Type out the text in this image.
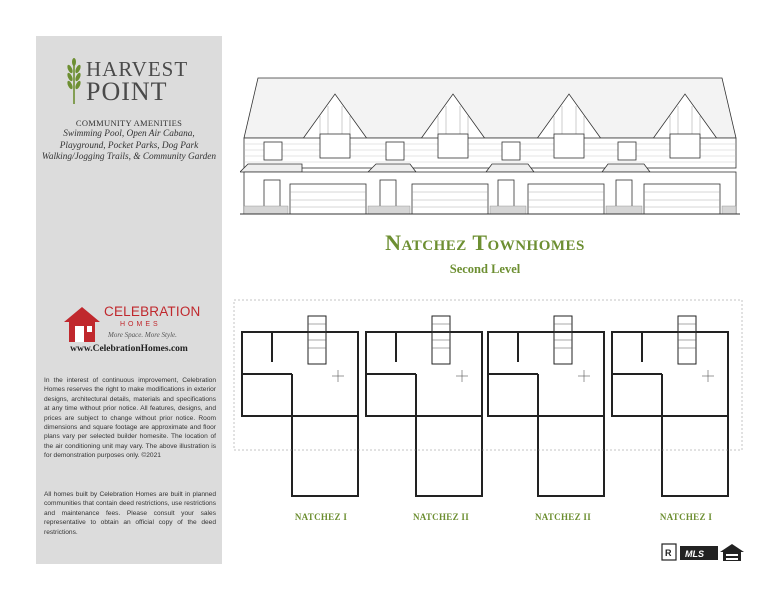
HARVEST
POINT
COMMUNITY AMENITIES
Swimming Pool, Open Air Cabana,
Playground, Pocket Parks, Dog Park
Walking/Jogging Trails, & Community Garden
CELEBRATION
HOMES
More Space. More Style.
www.CelebrationHomes.com
In the interest of continuous improvement, Celebration Homes reserves the right to make modifications in exterior designs, architectural details, materials and specifications at any time without prior notice. All features, designs, and prices are subject to change without prior notice. Room dimensions and square footage are approximate and floor plans vary per selected builder homesite. The location of the air conditioning unit may vary. The above illustration is for demonstration purposes only. ©2021
All homes built by Celebration Homes are built in planned communities that contain deed restrictions, use restrictions and maintenance fees. Please consult your sales representative to obtain an official copy of the deed restrictions.
Natchez Townhomes
Second Level
NATCHEZ I	NATCHEZ II	NATCHEZ II	NATCHEZ I
R MLS
